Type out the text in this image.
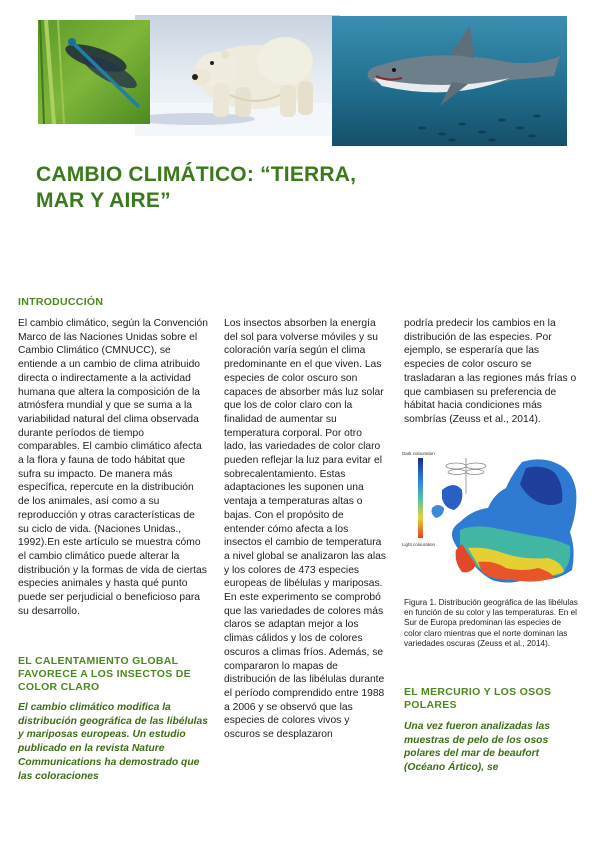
CAMBIO CLIMÁTICO: “TIERRA,
MAR Y AIRE”
INTRODUCCIÓN
El cambio climático, según la Convención Marco de las Naciones Unidas sobre el Cambio Climático (CMNUCC), se entiende a un cambio de clima atribuido directa o indirectamente a la actividad humana que altera la composición de la atmósfera mundial y que se suma a la variabilidad natural del clima observada durante períodos de tiempo comparables. El cambio climático afecta a la flora y fauna de todo hábitat que sufra su impacto. De manera más específica, repercute en la distribución de los animales, así como a su reproducción y otras características de su ciclo de vida. (Naciones Unidas., 1992).En este artículo se muestra cómo el cambio climático puede alterar la distribución y la formas de vida de ciertas especies animales y hasta qué punto puede ser perjudicial o beneficioso para su desarrollo.
EL CALENTAMIENTO GLOBAL
FAVORECE A LOS INSECTOS DE
COLOR CLARO
El cambio climático modifica la distribución geográfica de las libélulas y mariposas europeas. Un estudio publicado en la revista Nature Communications ha demostrado que las coloraciones
Los insectos absorben la energía del sol para volverse móviles y su coloración varía según el clima predominante en el que viven. Las especies de color oscuro son capaces de absorber más luz solar que los de color claro con la finalidad de aumentar su temperatura corporal. Por otro lado, las variedades de color claro pueden reflejar la luz para evitar el sobrecalentamiento. Estas adaptaciones les suponen una ventaja a temperaturas altas o bajas. Con el propósito de entender cómo afecta a los insectos el cambio de temperatura a nivel global se analizaron las alas y los colores de 473 especies europeas de libélulas y mariposas. En este experimento se comprobó que las variedades de colores más claros se adaptan mejor a los climas cálidos y los de colores oscuros a climas fríos. Además, se compararon lo mapas de distribución de las libélulas durante el período comprendido entre 1988 a 2006 y se observó que las especies de colores vivos y oscuros se desplazaron
podría predecir los cambios en la distribución de las especies. Por ejemplo, se esperaría que las especies de color oscuro se trasladaran a las regiones más frías o que cambiasen su preferencia de hábitat hacia condiciones más sombrías (Zeuss et al., 2014).
Dark colouration
Light colouration
Figura 1. Distribución geográfica de las libélulas en función de su color y las temperaturas. En el Sur de Europa predominan las especies de color claro mientras que el norte dominan las variedades oscuras (Zeuss et al., 2014).
EL MERCURIO Y LOS OSOS
POLARES
Una vez fueron analizadas las muestras de pelo de los osos polares del mar de beaufort (Océano Ártico), se
